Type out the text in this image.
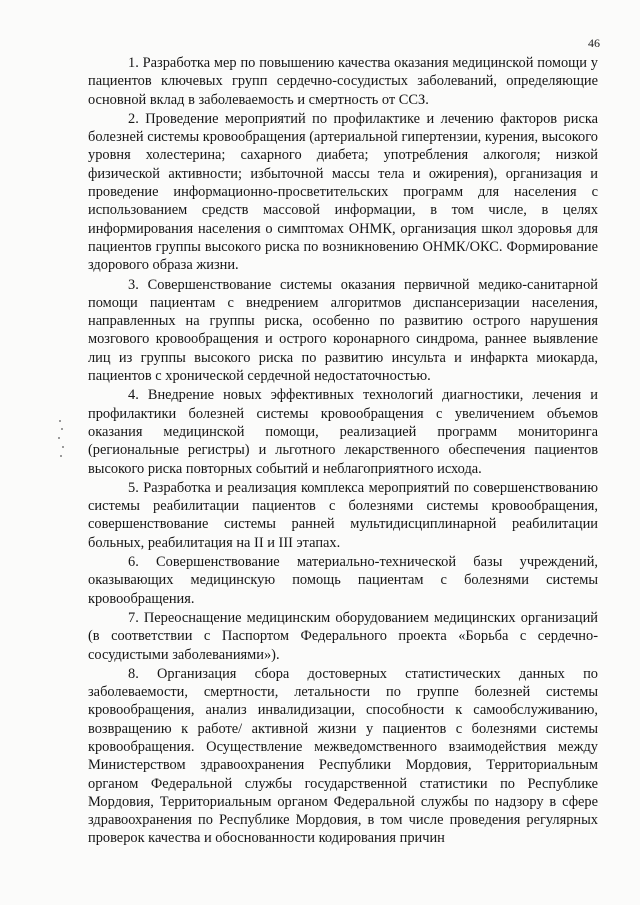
46

1. Разработка мер по повышению качества оказания медицинской помощи у пациентов ключевых групп сердечно-сосудистых заболеваний, определяющие основной вклад в заболеваемость и смертность от ССЗ.

2. Проведение мероприятий по профилактике и лечению факторов риска болезней системы кровообращения (артериальной гипертензии, курения, высокого уровня холестерина; сахарного диабета; употребления алкоголя; низкой физической активности; избыточной массы тела и ожирения), организация и проведение информационно-просветительских программ для населения с использованием средств массовой информации, в том числе, в целях информирования населения о симптомах ОНМК, организация школ здоровья для пациентов группы высокого риска по возникновению ОНМК/ОКС. Формирование здорового образа жизни.

3. Совершенствование системы оказания первичной медико-санитарной помощи пациентам с внедрением алгоритмов диспансеризации населения, направленных на группы риска, особенно по развитию острого нарушения мозгового кровообращения и острого коронарного синдрома, раннее выявление лиц из группы высокого риска по развитию инсульта и инфаркта миокарда, пациентов с хронической сердечной недостаточностью.

4. Внедрение новых эффективных технологий диагностики, лечения и профилактики болезней системы кровообращения с увеличением объемов оказания медицинской помощи, реализацией программ мониторинга (региональные регистры) и льготного лекарственного обеспечения пациентов высокого риска повторных событий и неблагоприятного исхода.

5. Разработка и реализация комплекса мероприятий по совершенствованию системы реабилитации пациентов с болезнями системы кровообращения, совершенствование системы ранней мультидисциплинарной реабилитации больных, реабилитация на II и III этапах.

6. Совершенствование материально-технической базы учреждений, оказывающих медицинскую помощь пациентам с болезнями системы кровообращения.

7. Переоснащение медицинским оборудованием медицинских организаций (в соответствии с Паспортом Федерального проекта «Борьба с сердечно-сосудистыми заболеваниями»).

8. Организация сбора достоверных статистических данных по заболеваемости, смертности, летальности по группе болезней системы кровообращения, анализ инвалидизации, способности к самообслуживанию, возвращению к работе/ активной жизни у пациентов с болезнями системы кровообращения. Осуществление межведомственного взаимодействия между Министерством здравоохранения Республики Мордовия, Территориальным органом Федеральной службы государственной статистики по Республике Мордовия, Территориальным органом Федеральной службы по надзору в сфере здравоохранения по Республике Мордовия, в том числе проведения регулярных проверок качества и обоснованности кодирования причин
